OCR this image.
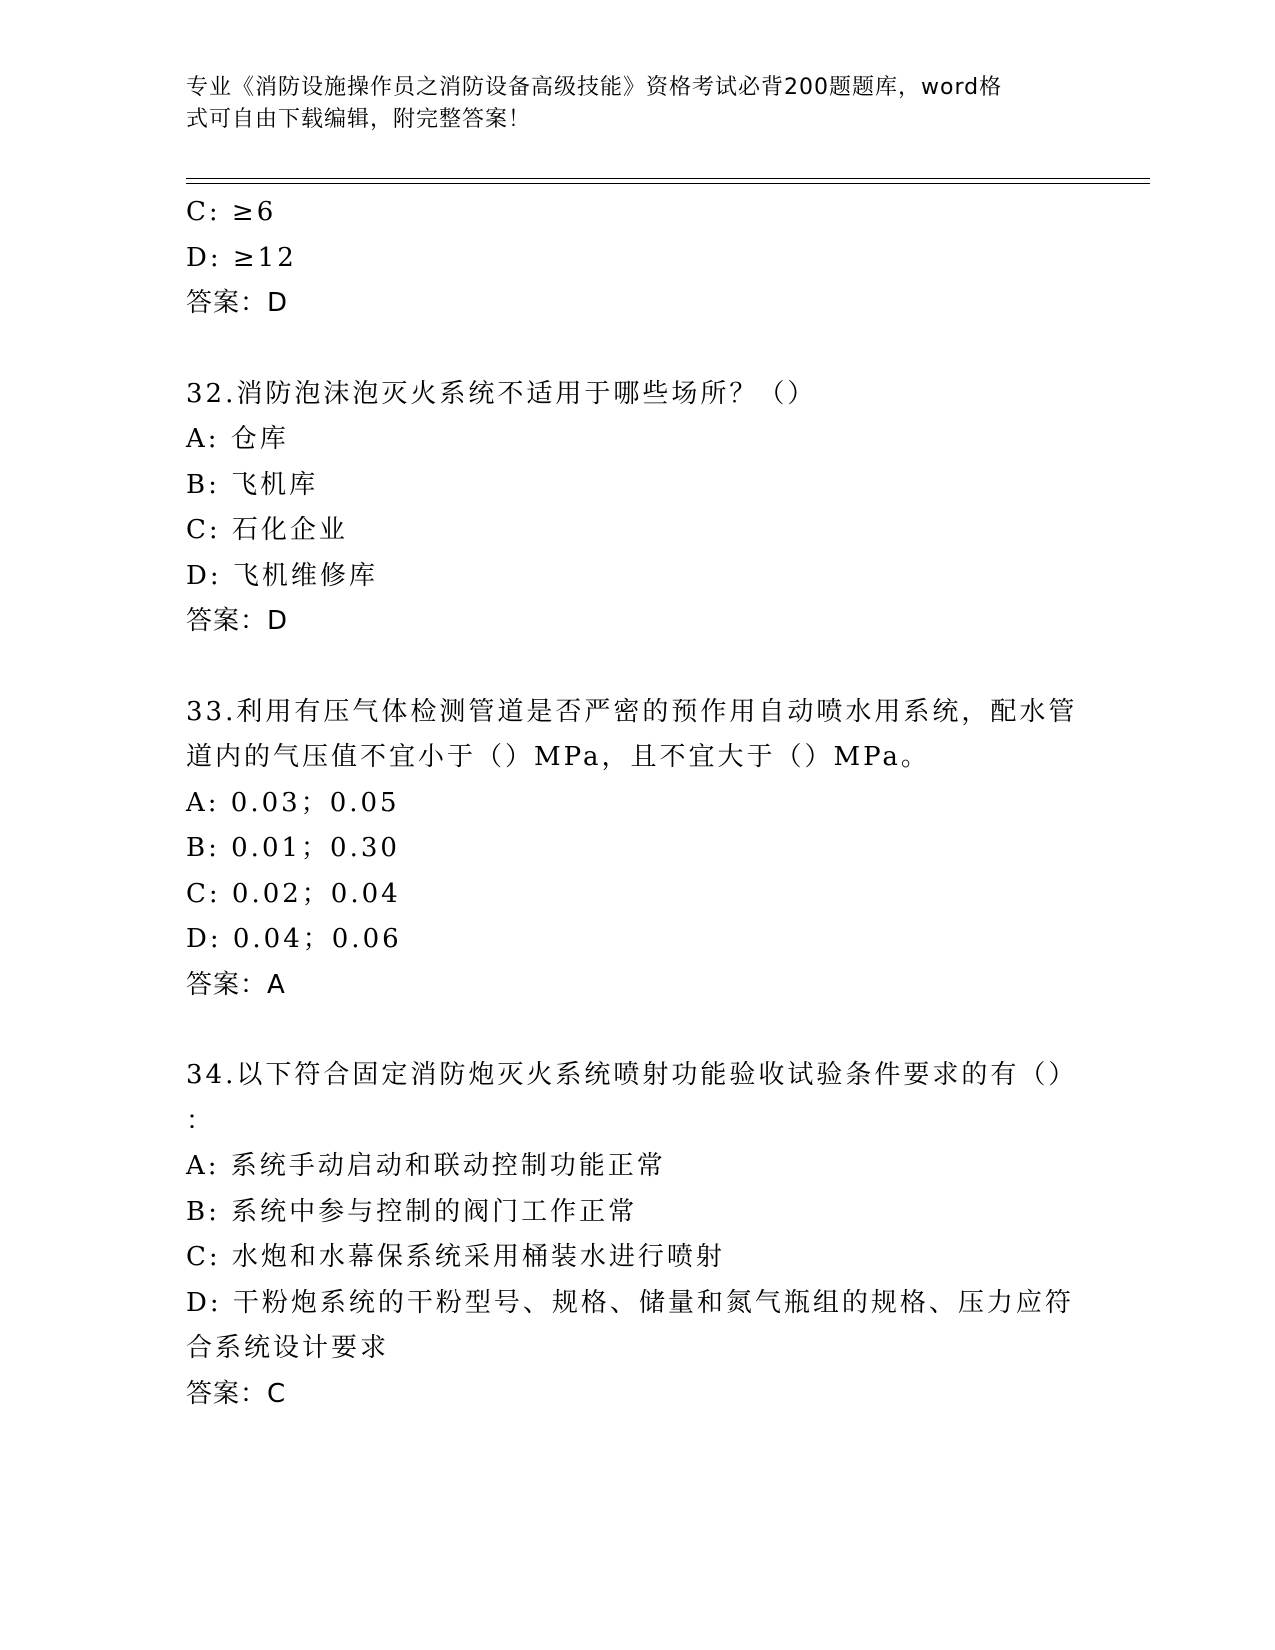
专业《消防设施操作员之消防设备高级技能》资格考试必背200题题库，word格
式可自由下载编辑，附完整答案！
C: ≥6
D: ≥12
答案：D
32.消防泡沫泡灭火系统不适用于哪些场所？（）
A: 仓库
B: 飞机库
C: 石化企业
D: 飞机维修库
答案：D
33.利用有压气体检测管道是否严密的预作用自动喷水用系统，配水管
道内的气压值不宜小于（）MPa，且不宜大于（）MPa。
A: 0.03；0.05
B: 0.01；0.30
C: 0.02；0.04
D: 0.04；0.06
答案：A
34.以下符合固定消防炮灭火系统喷射功能验收试验条件要求的有（）
：
A: 系统手动启动和联动控制功能正常
B: 系统中参与控制的阀门工作正常
C: 水炮和水幕保系统采用桶装水进行喷射
D: 干粉炮系统的干粉型号、规格、储量和氮气瓶组的规格、压力应符
合系统设计要求
答案：C
